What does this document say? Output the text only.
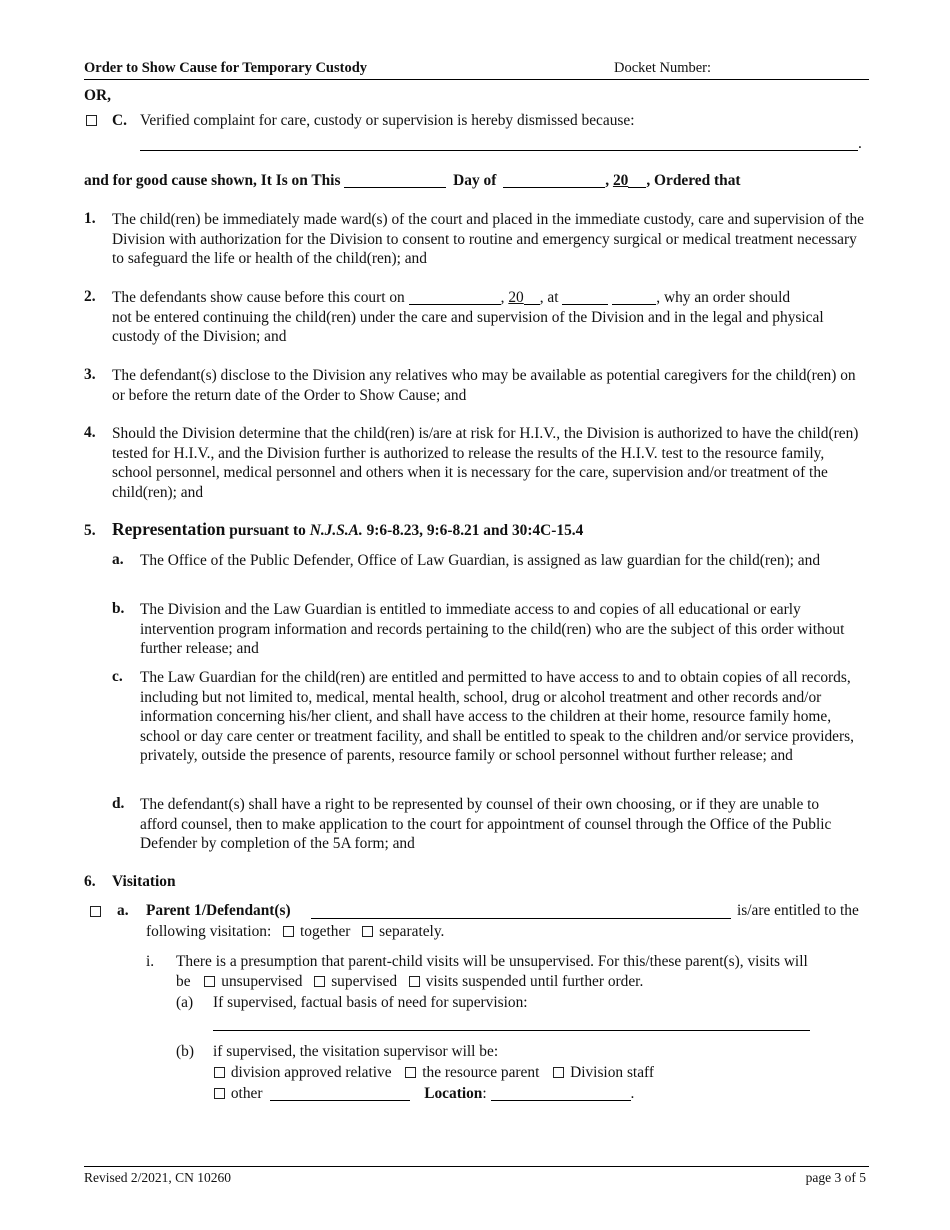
Order to Show Cause for Temporary Custody	Docket Number:
OR,
C. Verified complaint for care, custody or supervision is hereby dismissed because:
.
and for good cause shown, It Is on This	Day of	, 20 , Ordered that
1. The child(ren) be immediately made ward(s) of the court and placed in the immediate custody, care and supervision of the Division with authorization for the Division to consent to routine and emergency surgical or medical treatment necessary to safeguard the life or health of the child(ren); and
2. The defendants show cause before this court on	, 20 , at	, why an order should
not be entered continuing the child(ren) under the care and supervision of the Division and in the legal and physical custody of the Division; and
3. The defendant(s) disclose to the Division any relatives who may be available as potential caregivers for the child(ren) on or before the return date of the Order to Show Cause; and
4. Should the Division determine that the child(ren) is/are at risk for H.I.V., the Division is authorized to have the child(ren) tested for H.I.V., and the Division further is authorized to release the results of the H.I.V. test to the resource family, school personnel, medical personnel and others when it is necessary for the care, supervision and/or treatment of the child(ren); and
5. Representation pursuant to N.J.S.A. 9:6-8.23, 9:6-8.21 and 30:4C-15.4
a. The Office of the Public Defender, Office of Law Guardian, is assigned as law guardian for the child(ren); and
b. The Division and the Law Guardian is entitled to immediate access to and copies of all educational or early intervention program information and records pertaining to the child(ren) who are the subject of this order without further release; and
c. The Law Guardian for the child(ren) are entitled and permitted to have access to and to obtain copies of all records, including but not limited to, medical, mental health, school, drug or alcohol treatment and other records and/or information concerning his/her client, and shall have access to the children at their home, resource family home, school or day care center or treatment facility, and shall be entitled to speak to the children and/or service providers, privately, outside the presence of parents, resource family or school personnel without further release; and
d. The defendant(s) shall have a right to be represented by counsel of their own choosing, or if they are unable to afford counsel, then to make application to the court for appointment of counsel through the Office of the Public Defender by completion of the 5A form; and
6. Visitation
a. Parent 1/Defendant(s)	is/are entitled to the
following visitation: together separately.
i. There is a presumption that parent-child visits will be unsupervised. For this/these parent(s), visits will
be unsupervised supervised visits suspended until further order.
(a) If supervised, factual basis of need for supervision:
(b) if supervised, the visitation supervisor will be:
division approved relative the resource parent Division staff
other	Location:	.
Revised 2/2021, CN 10260	page 3 of 5
